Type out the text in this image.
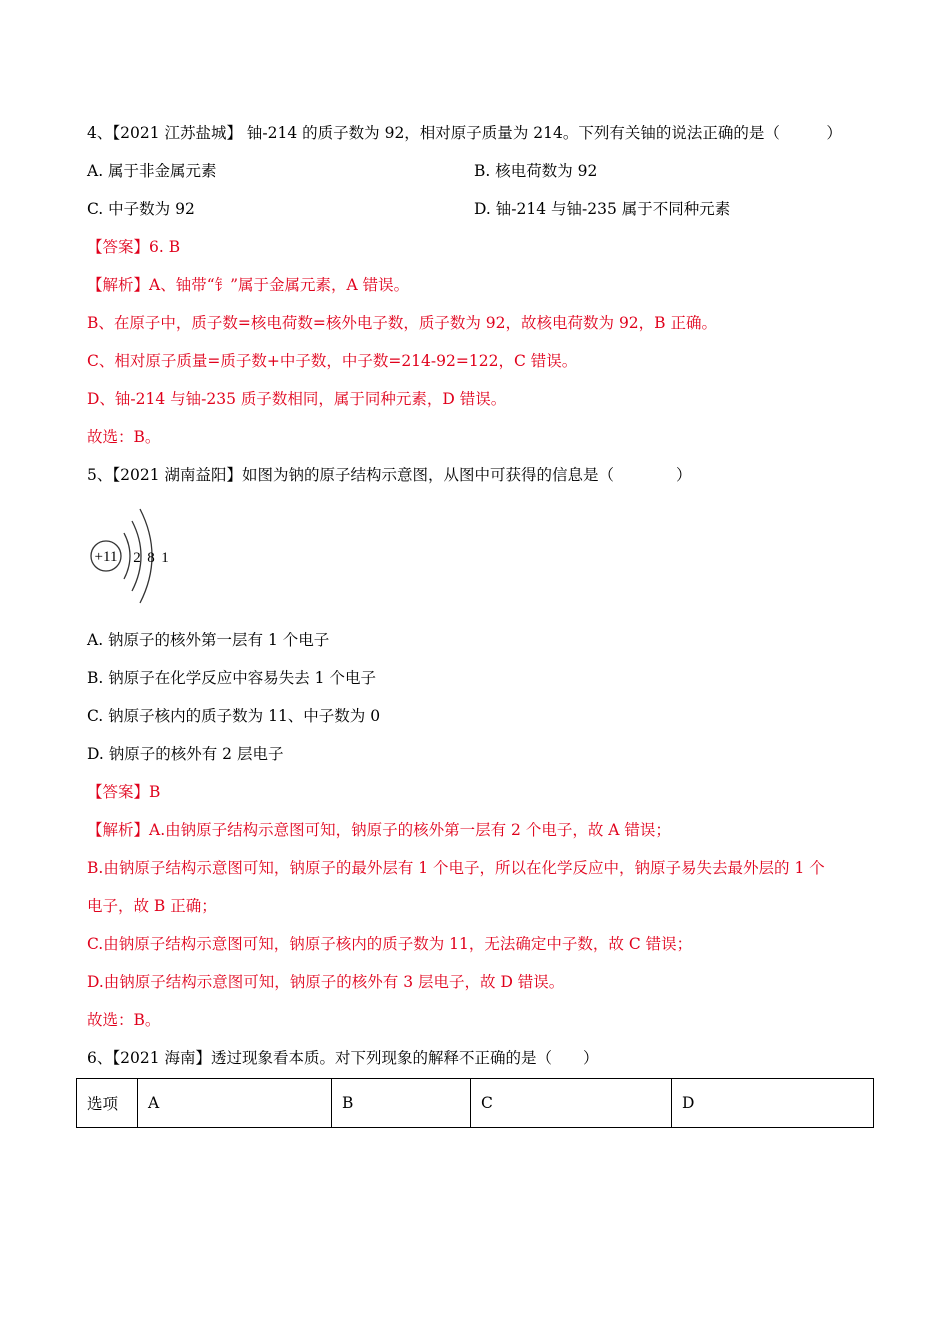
4、【2021 江苏盐城】 铀-214 的质子数为 92，相对原子质量为 214。下列有关铀的说法正确的是（　　　）
A. 属于非金属元素	B. 核电荷数为 92
C. 中子数为 92	D. 铀-214 与铀-235 属于不同种元素
【答案】6. B
【解析】A、铀带“钅”属于金属元素，A 错误。
B、在原子中，质子数=核电荷数=核外电子数，质子数为 92，故核电荷数为 92，B 正确。
C、相对原子质量=质子数+中子数，中子数=214-92=122，C 错误。
D、铀-214 与铀-235 质子数相同，属于同种元素，D 错误。
故选：B。
5、【2021 湖南益阳】如图为钠的原子结构示意图，从图中可获得的信息是（　　　　）
+11 2 8 1
A. 钠原子的核外第一层有 1 个电子
B. 钠原子在化学反应中容易失去 1 个电子
C. 钠原子核内的质子数为 11、中子数为 0
D. 钠原子的核外有 2 层电子
【答案】B
【解析】A.由钠原子结构示意图可知，钠原子的核外第一层有 2 个电子，故 A 错误；
B.由钠原子结构示意图可知，钠原子的最外层有 1 个电子，所以在化学反应中，钠原子易失去最外层的 1 个
电子，故 B 正确；
C.由钠原子结构示意图可知，钠原子核内的质子数为 11，无法确定中子数，故 C 错误；
D.由钠原子结构示意图可知，钠原子的核外有 3 层电子，故 D 错误。
故选：B。
6、【2021 海南】透过现象看本质。对下列现象的解释不正确的是（　　）
选项	A	B	C	D
